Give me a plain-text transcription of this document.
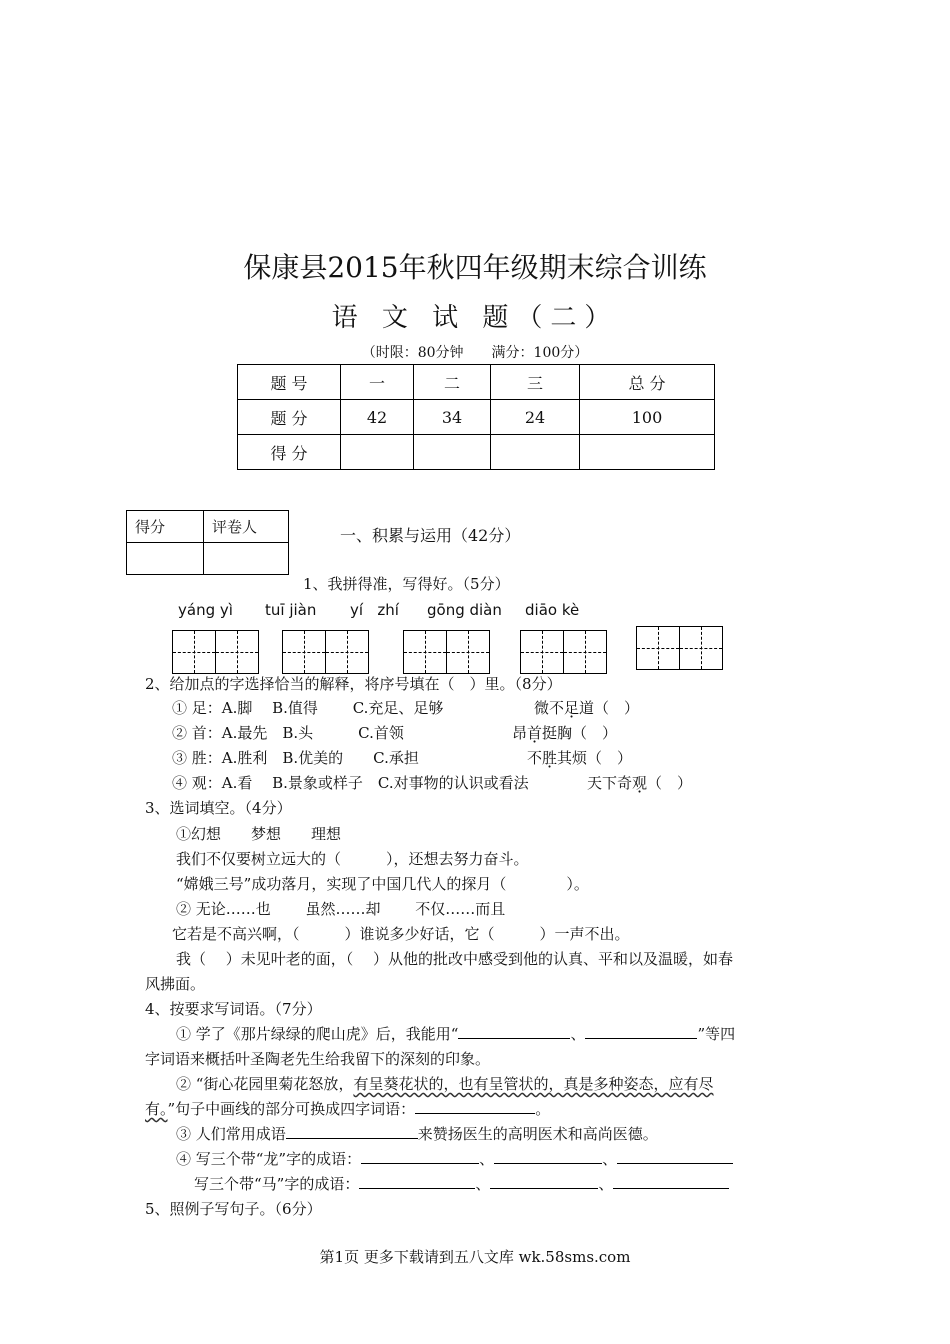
保康县2015年秋四年级期末综合训练
语 文 试 题（二）
（时限：80分钟　　满分：100分）
题 号	一	二	三	总 分
题 分	42	34	24	100
得 分				
得分	评卷人
		一、积累与运用（42分）
1、我拼得准，写得好。（5分）
yáng yì tuī jiàn yí   zhí gōng diàn diāo kè
2、给加点的字选择恰当的解释，将序号填在（　）里。（8分）
① 足：A.脚　 B.值得　　 C.充足、足够	微不足道（　）
② 首：A.最先　B.头　　　C.首领	昂首挺胸（　）
③ 胜：A.胜利　B.优美的　　C.承担	不胜其烦（　）
④ 观：A.看　 B.景象或样子　C.对事物的认识或看法	天下奇观（　）
3、选词填空。（4分）
①幻想　　梦想　　理想
我们不仅要树立远大的（　　　），还想去努力奋斗。
“嫦娥三号”成功落月，实现了中国几代人的探月（　　　　）。
② 无论……也　　 虽然……却　　 不仅……而且
它若是不高兴啊，（　　　）谁说多少好话，它（　　　）一声不出。
我（　 ）未见叶老的面，（　 ）从他的批改中感受到他的认真、平和以及温暖，如春
风拂面。
4、按要求写词语。（7分）
① 学了《那片绿绿的爬山虎》后，我能用“	、	”等四
字词语来概括叶圣陶老先生给我留下的深刻的印象。
② “街心花园里菊花怒放，有呈葵花状的，也有呈管状的，真是多种姿态，应有尽
有。”句子中画线的部分可换成四字词语：	。
③ 人们常用成语	来赞扬医生的高明医术和高尚医德。
④ 写三个带“龙”字的成语：	、	、
写三个带“马”字的成语：	、	、
5、照例子写句子。（6分）
第1页 更多下载请到五八文库 wk.58sms.com
